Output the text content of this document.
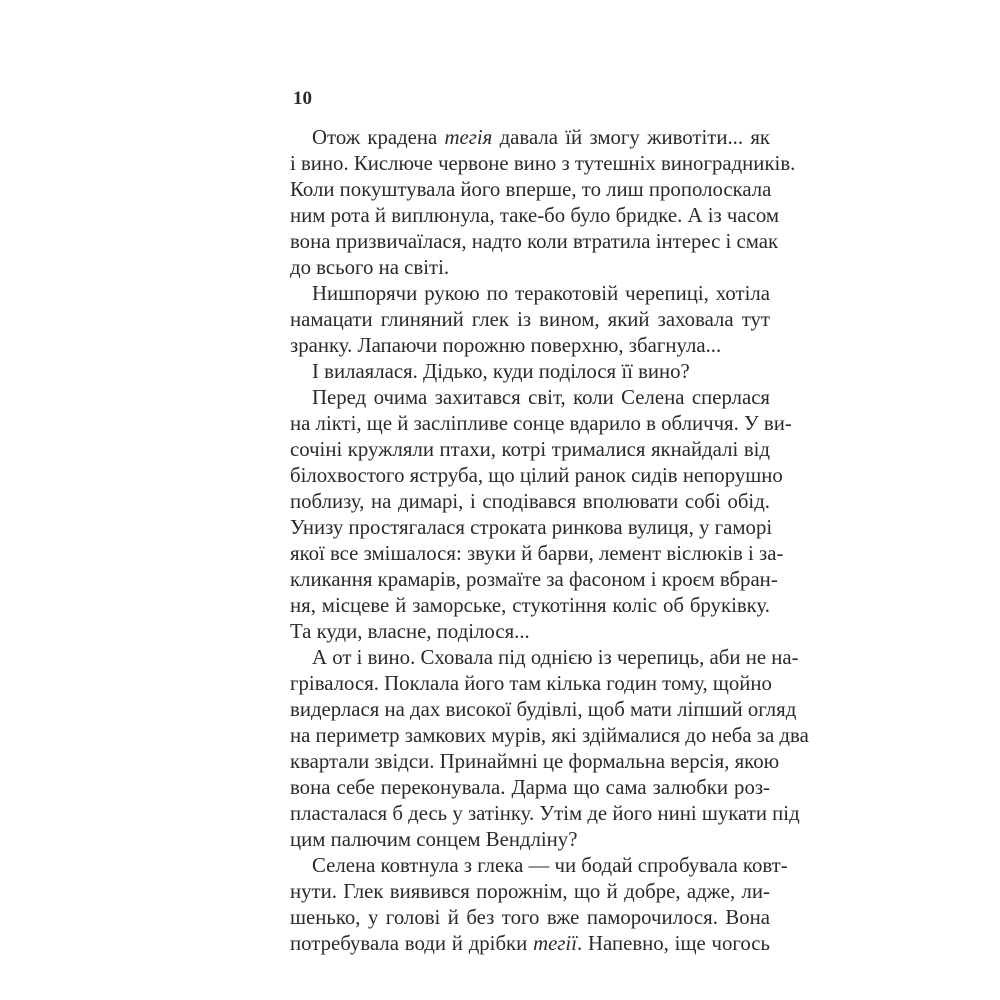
10
Отож крадена тегія давала їй змогу животіти... як
і вино. Кислюче червоне вино з тутешніх виноградників.
Коли покуштувала його вперше, то лиш прополоскала
ним рота й виплюнула, таке-бо було бридке. А із часом
вона призвичаїлася, надто коли втратила інтерес і смак
до всього на світі.
Нишпорячи рукою по теракотовій черепиці, хотіла
намацати глиняний глек із вином, який заховала тут
зранку. Лапаючи порожню поверхню, збагнула...
І вилаялася. Дідько, куди поділося її вино?
Перед очима захитався світ, коли Селена сперлася
на лікті, ще й засліпливе сонце вдарило в обличчя. У ви-
сочіні кружляли птахи, котрі трималися якнайдалі від
білохвостого яструба, що цілий ранок сидів непорушно
поблизу, на димарі, і сподівався вполювати собі обід.
Унизу простягалася строката ринкова вулиця, у гаморі
якої все змішалося: звуки й барви, лемент віслюків і за-
кликання крамарів, розмаїте за фасоном і кроєм вбран-
ня, місцеве й заморське, стукотіння коліс об бруківку.
Та куди, власне, поділося...
А от і вино. Сховала під однією із черепиць, аби не на-
грівалося. Поклала його там кілька годин тому, щойно
видерлася на дах високої будівлі, щоб мати ліпший огляд
на периметр замкових мурів, які здіймалися до неба за два
квартали звідси. Принаймні це формальна версія, якою
вона себе переконувала. Дарма що сама залюбки роз-
пласталася б десь у затінку. Утім де його нині шукати під
цим палючим сонцем Вендліну?
Селена ковтнула з глека — чи бодай спробувала ковт-
нути. Глек виявився порожнім, що й добре, адже, ли-
шенько, у голові й без того вже паморочилося. Вона
потребувала води й дрібки тегії. Напевно, іще чогось
